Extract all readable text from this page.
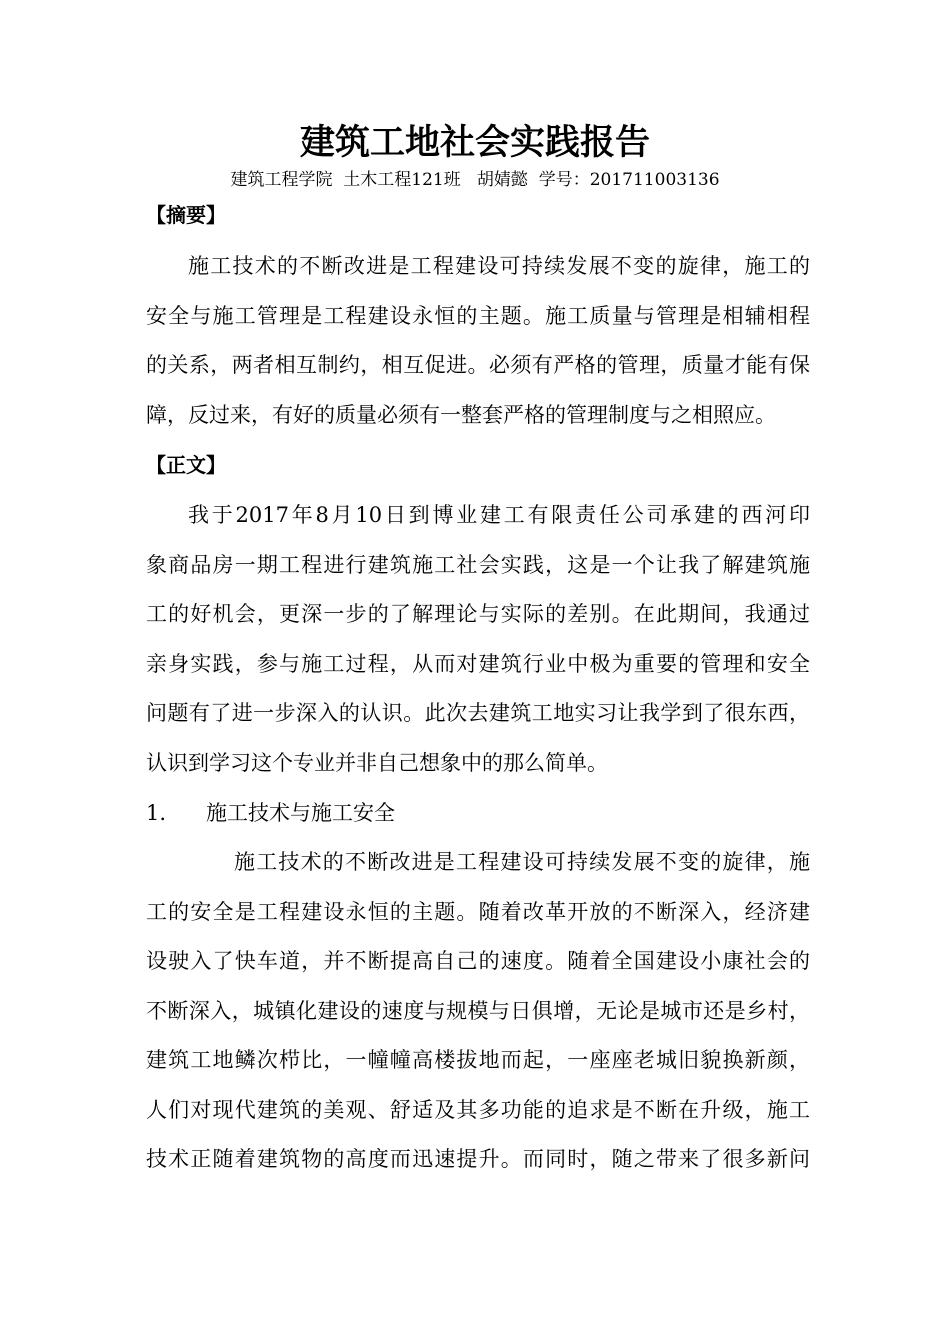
建筑工地社会实践报告
建筑工程学院  土木工程121班   胡婧懿  学号：201711003136
【摘要】
施工技术的不断改进是工程建设可持续发展不变的旋律，施工的
安全与施工管理是工程建设永恒的主题。施工质量与管理是相辅相程
的关系，两者相互制约，相互促进。必须有严格的管理，质量才能有保
障，反过来，有好的质量必须有一整套严格的管理制度与之相照应。
【正文】
我于2017年8月10日到博业建工有限责任公司承建的西河印
象商品房一期工程进行建筑施工社会实践，这是一个让我了解建筑施
工的好机会，更深一步的了解理论与实际的差别。在此期间，我通过
亲身实践，参与施工过程，从而对建筑行业中极为重要的管理和安全
问题有了进一步深入的认识。此次去建筑工地实习让我学到了很东西，
认识到学习这个专业并非自己想象中的那么简单。
1. 施工技术与施工安全
施工技术的不断改进是工程建设可持续发展不变的旋律，施
工的安全是工程建设永恒的主题。随着改革开放的不断深入，经济建
设驶入了快车道，并不断提高自己的速度。随着全国建设小康社会的
不断深入，城镇化建设的速度与规模与日俱增，无论是城市还是乡村，
建筑工地鳞次栉比，一幢幢高楼拔地而起，一座座老城旧貌换新颜，
人们对现代建筑的美观、舒适及其多功能的追求是不断在升级，施工
技术正随着建筑物的高度而迅速提升。而同时，随之带来了很多新问
